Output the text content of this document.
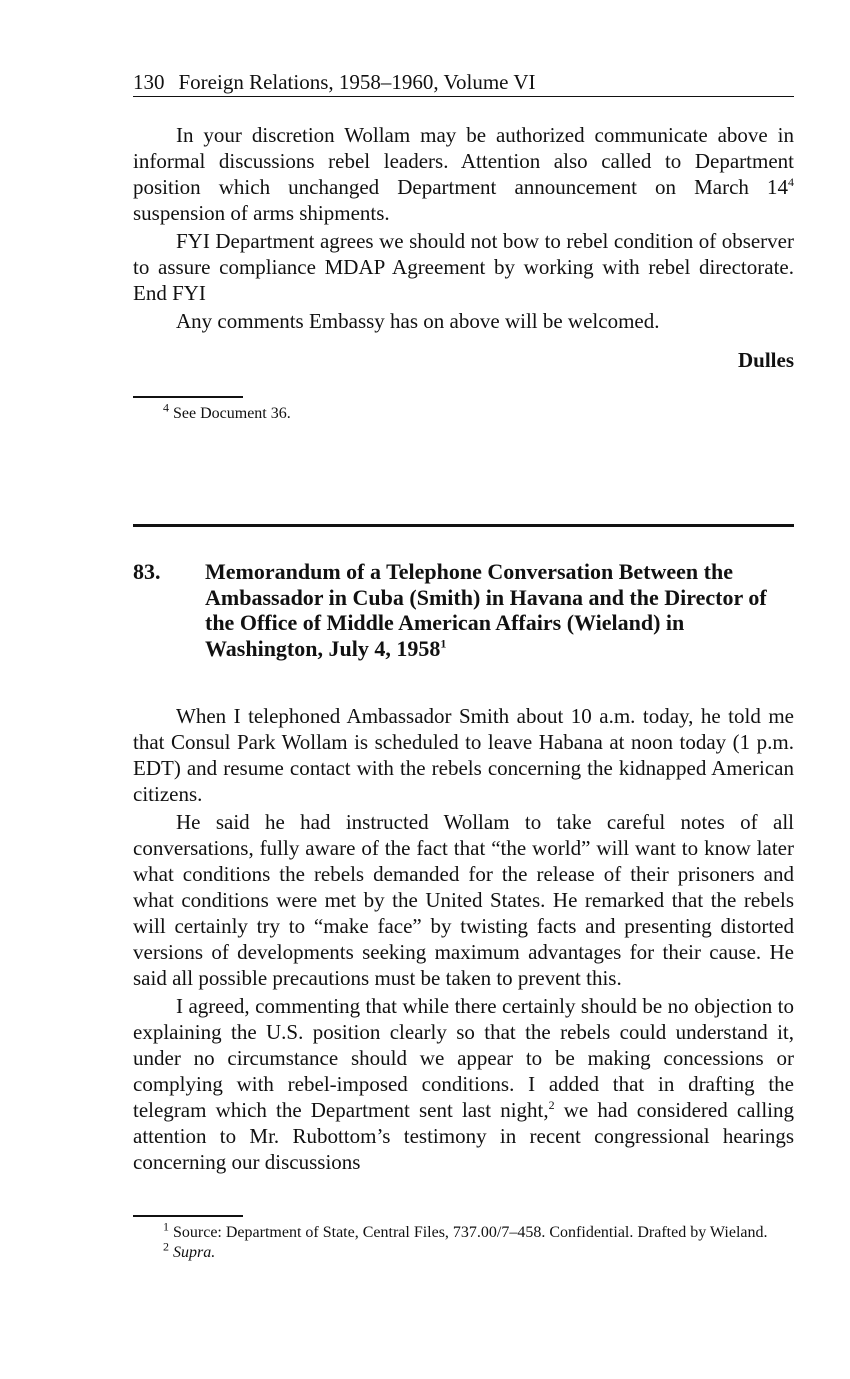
130 Foreign Relations, 1958–1960, Volume VI

In your discretion Wollam may be authorized communicate above in informal discussions rebel leaders. Attention also called to Department position which unchanged Department announcement on March $14^4$ suspension of arms shipments.

FYI Department agrees we should not bow to rebel condition of observer to assure compliance MDAP Agreement by working with rebel directorate. End FYI

Any comments Embassy has on above will be welcomed.

Dulles

$^4$ See Document 36.

83. Memorandum of a Telephone Conversation Between the Ambassador in Cuba (Smith) in Havana and the Director of the Office of Middle American Affairs (Wieland) in Washington, July 4, 1958$^1$

When I telephoned Ambassador Smith about 10 a.m. today, he told me that Consul Park Wollam is scheduled to leave Habana at noon today (1 p.m. EDT) and resume contact with the rebels concerning the kidnapped American citizens.

He said he had instructed Wollam to take careful notes of all conversations, fully aware of the fact that “the world” will want to know later what conditions the rebels demanded for the release of their prisoners and what conditions were met by the United States. He remarked that the rebels will certainly try to “make face” by twisting facts and presenting distorted versions of developments seeking maximum advantages for their cause. He said all possible precautions must be taken to prevent this.

I agreed, commenting that while there certainly should be no objection to explaining the U.S. position clearly so that the rebels could understand it, under no circumstance should we appear to be making concessions or complying with rebel-imposed conditions. I added that in drafting the telegram which the Department sent last night,$^2$ we had considered calling attention to Mr. Rubottom’s testimony in recent congressional hearings concerning our discussions

$^1$ Source: Department of State, Central Files, 737.00/7–458. Confidential. Drafted by Wieland.

$^2$ Supra.
